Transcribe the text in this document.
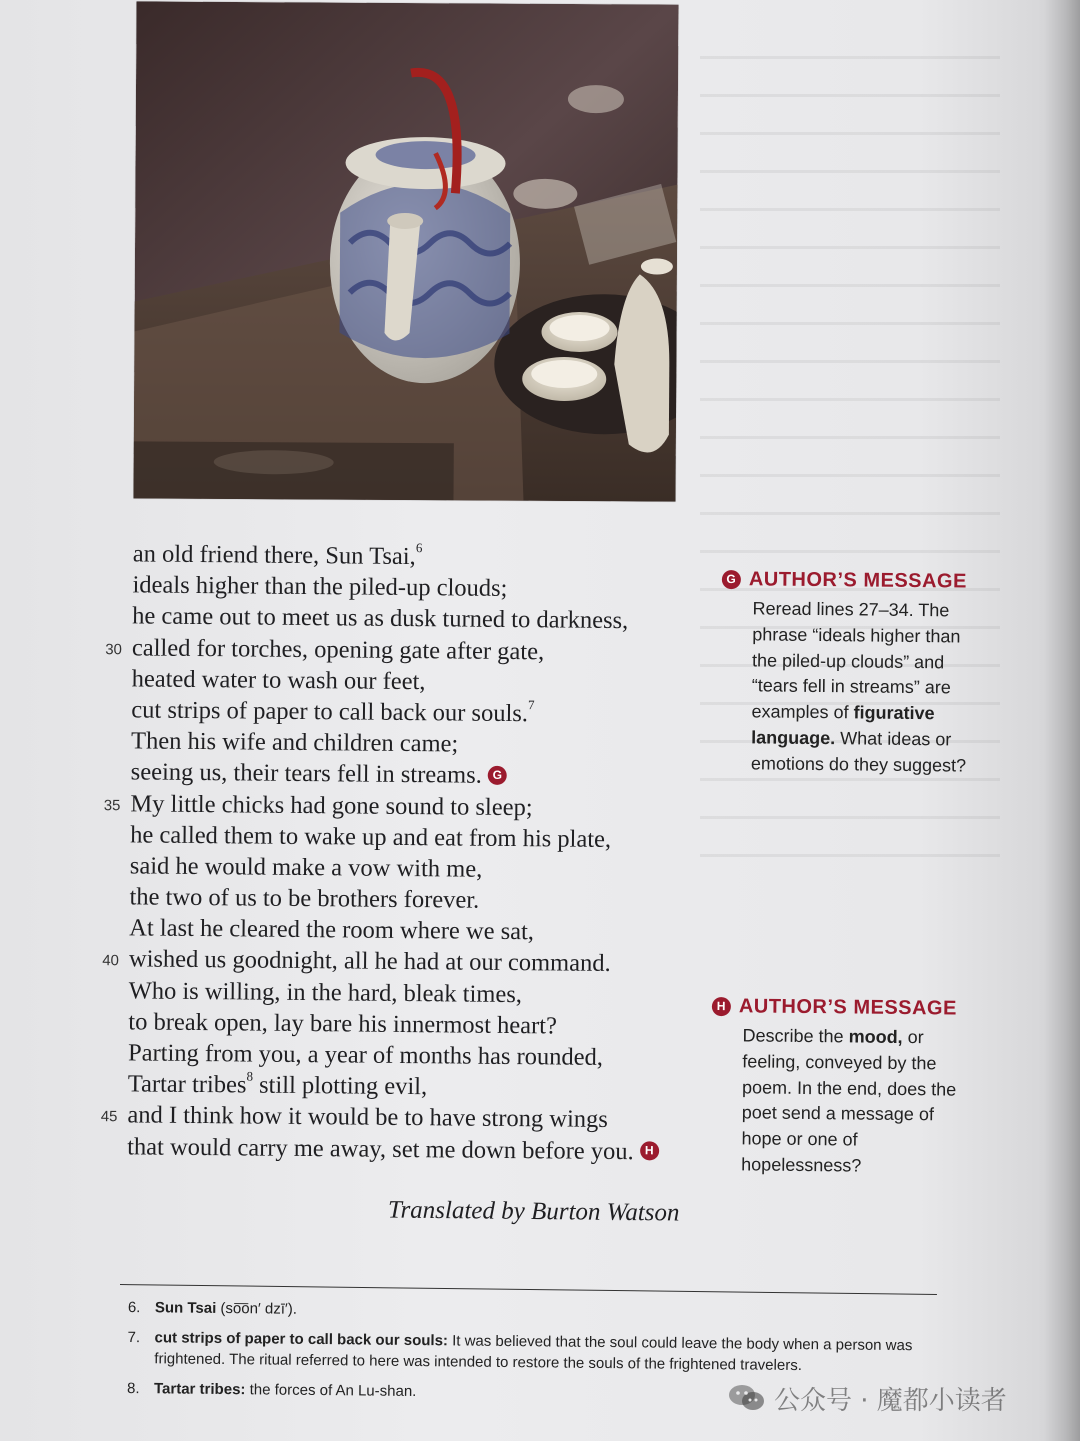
an old friend there, Sun Tsai,$^6$
ideals higher than the piled-up clouds;
he came out to meet us as dusk turned to darkness,
30 called for torches, opening gate after gate,
heated water to wash our feet,
cut strips of paper to call back our souls.$^7$
Then his wife and children came;
seeing us, their tears fell in streams. G
35 My little chicks had gone sound to sleep;
he called them to wake up and eat from his plate,
said he would make a vow with me,
the two of us to be brothers forever.
At last he cleared the room where we sat,
40 wished us goodnight, all he had at our command.
Who is willing, in the hard, bleak times,
to break open, lay bare his innermost heart?
Parting from you, a year of months has rounded,
Tartar tribes$^8$ still plotting evil,
45 and I think how it would be to have strong wings
that would carry me away, set me down before you. H
Translated by Burton Watson
G AUTHOR’S MESSAGE
Reread lines 27–34. The phrase “ideals higher than the piled-up clouds” and “tears fell in streams” are examples of figurative language. What ideas or emotions do they suggest?
H AUTHOR’S MESSAGE
Describe the mood, or feeling, conveyed by the poem. In the end, does the poet send a message of hope or one of hopelessness?
6. Sun Tsai (so͞on′ dzī′).
7. cut strips of paper to call back our souls: It was believed that the soul could leave the body when a person was frightened. The ritual referred to here was intended to restore the souls of the frightened travelers.
8. Tartar tribes: the forces of An Lu-shan.	公众号 · 魔都小读者
